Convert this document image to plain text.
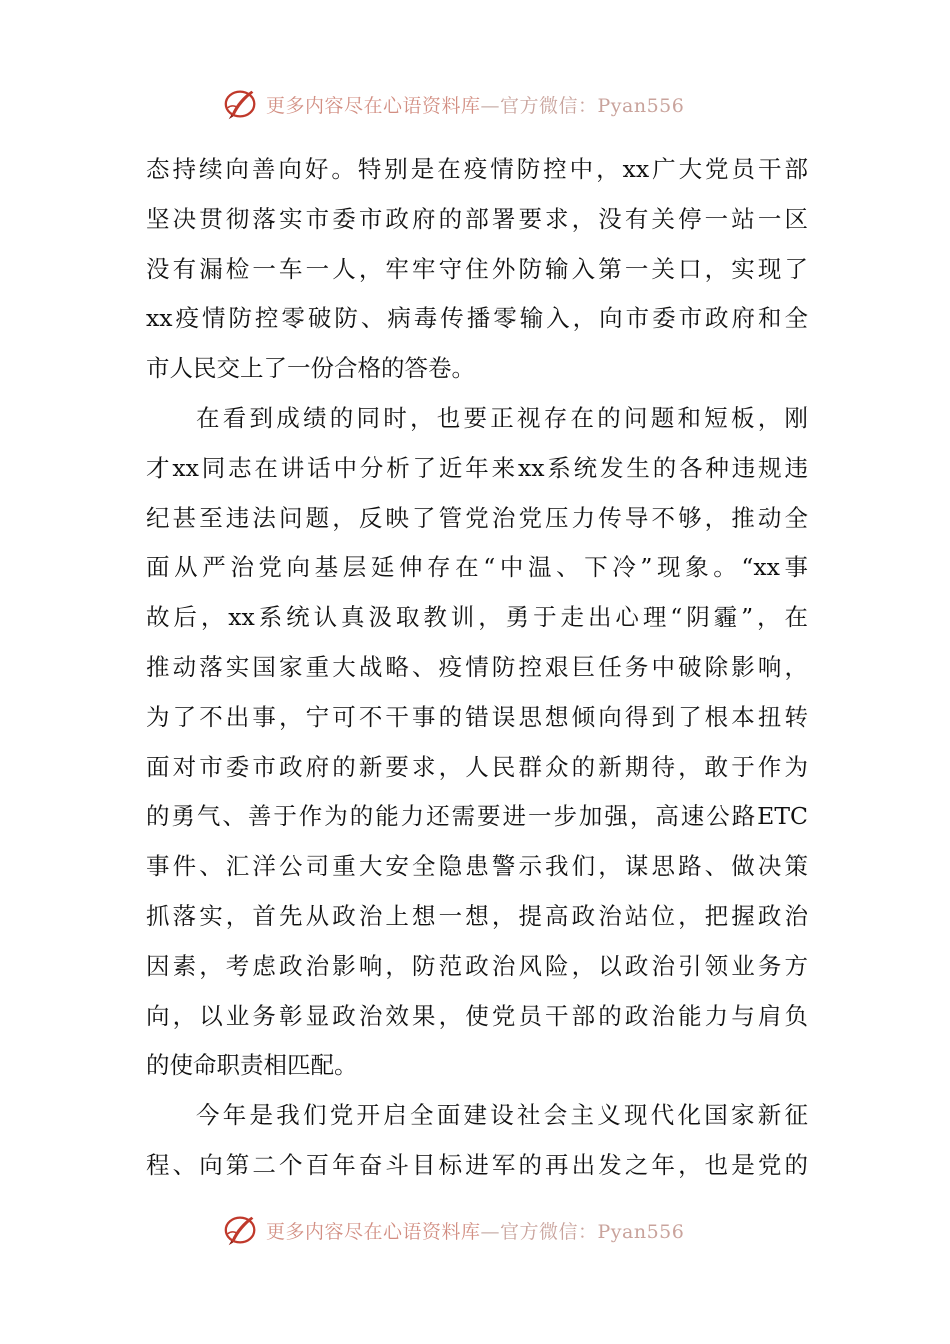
更多内容尽在心语资料库—官方微信：Pyan556
态持续向善向好。特别是在疫情防控中，xx广大党员干部
坚决贯彻落实市委市政府的部署要求，没有关停一站一区
没有漏检一车一人，牢牢守住外防输入第一关口，实现了
xx疫情防控零破防、病毒传播零输入，向市委市政府和全
市人民交上了一份合格的答卷。
在看到成绩的同时，也要正视存在的问题和短板，刚
才xx同志在讲话中分析了近年来xx系统发生的各种违规违
纪甚至违法问题，反映了管党治党压力传导不够，推动全
面从严治党向基层延伸存在“中温、下冷”现象。“xx事
故后，xx系统认真汲取教训，勇于走出心理“阴霾”，在
推动落实国家重大战略、疫情防控艰巨任务中破除影响，
为了不出事，宁可不干事的错误思想倾向得到了根本扭转
面对市委市政府的新要求，人民群众的新期待，敢于作为
的勇气、善于作为的能力还需要进一步加强，高速公路ETC
事件、汇洋公司重大安全隐患警示我们，谋思路、做决策
抓落实，首先从政治上想一想，提高政治站位，把握政治
因素，考虑政治影响，防范政治风险，以政治引领业务方
向，以业务彰显政治效果，使党员干部的政治能力与肩负
的使命职责相匹配。
今年是我们党开启全面建设社会主义现代化国家新征
程、向第二个百年奋斗目标进军的再出发之年，也是党的
更多内容尽在心语资料库—官方微信：Pyan556
